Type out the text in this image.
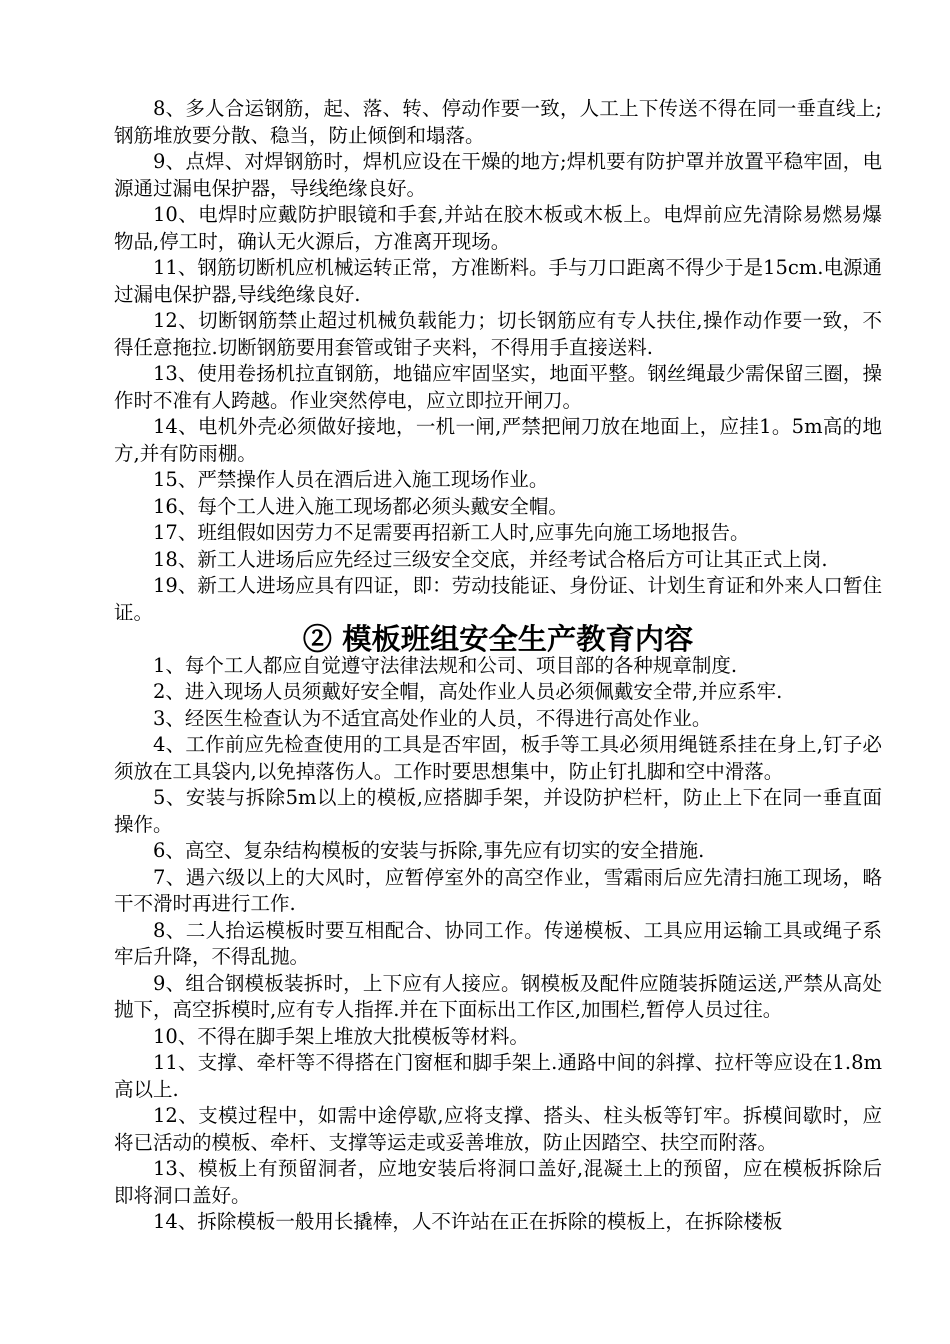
8、多人合运钢筋，起、落、转、停动作要一致，人工上下传送不得在同一垂直线上;钢筋堆放要分散、稳当，防止倾倒和塌落。

9、点焊、对焊钢筋时，焊机应设在干燥的地方;焊机要有防护罩并放置平稳牢固，电源通过漏电保护器，导线绝缘良好。

10、电焊时应戴防护眼镜和手套,并站在胶木板或木板上。电焊前应先清除易燃易爆物品,停工时，确认无火源后，方准离开现场。

11、钢筋切断机应机械运转正常，方准断料。手与刀口距离不得少于是15cm.电源通过漏电保护器,导线绝缘良好.

12、切断钢筋禁止超过机械负载能力；切长钢筋应有专人扶住,操作动作要一致，不得任意拖拉.切断钢筋要用套管或钳子夹料，不得用手直接送料.

13、使用卷扬机拉直钢筋，地锚应牢固坚实，地面平整。钢丝绳最少需保留三圈，操作时不准有人跨越。作业突然停电，应立即拉开闸刀。

14、电机外壳必须做好接地，一机一闸,严禁把闸刀放在地面上，应挂1。5m高的地方,并有防雨棚。

15、严禁操作人员在酒后进入施工现场作业。

16、每个工人进入施工现场都必须头戴安全帽。

17、班组假如因劳力不足需要再招新工人时,应事先向施工场地报告。

18、新工人进场后应先经过三级安全交底，并经考试合格后方可让其正式上岗.

19、新工人进场应具有四证，即：劳动技能证、身份证、计划生育证和外来人口暂住证。

② 模板班组安全生产教育内容

1、每个工人都应自觉遵守法律法规和公司、项目部的各种规章制度.

2、进入现场人员须戴好安全帽，高处作业人员必须佩戴安全带,并应系牢.

3、经医生检查认为不适宜高处作业的人员，不得进行高处作业。

4、工作前应先检查使用的工具是否牢固，板手等工具必须用绳链系挂在身上,钉子必须放在工具袋内,以免掉落伤人。工作时要思想集中，防止钉扎脚和空中滑落。

5、安装与拆除5m以上的模板,应搭脚手架，并设防护栏杆，防止上下在同一垂直面操作。

6、高空、复杂结构模板的安装与拆除,事先应有切实的安全措施.

7、遇六级以上的大风时，应暂停室外的高空作业，雪霜雨后应先清扫施工现场，略干不滑时再进行工作.

8、二人抬运模板时要互相配合、协同工作。传递模板、工具应用运输工具或绳子系牢后升降，不得乱抛。

9、组合钢模板装拆时，上下应有人接应。钢模板及配件应随装拆随运送,严禁从高处抛下，高空拆模时,应有专人指挥.并在下面标出工作区,加围栏,暂停人员过往。

10、不得在脚手架上堆放大批模板等材料。

11、支撑、牵杆等不得搭在门窗框和脚手架上.通路中间的斜撑、拉杆等应设在1.8m高以上.

12、支模过程中，如需中途停歇,应将支撑、搭头、柱头板等钉牢。拆模间歇时，应将已活动的模板、牵杆、支撑等运走或妥善堆放，防止因踏空、扶空而附落。

13、模板上有预留洞者，应地安装后将洞口盖好,混凝土上的预留，应在模板拆除后即将洞口盖好。

14、拆除模板一般用长撬棒，人不许站在正在拆除的模板上，在拆除楼板
